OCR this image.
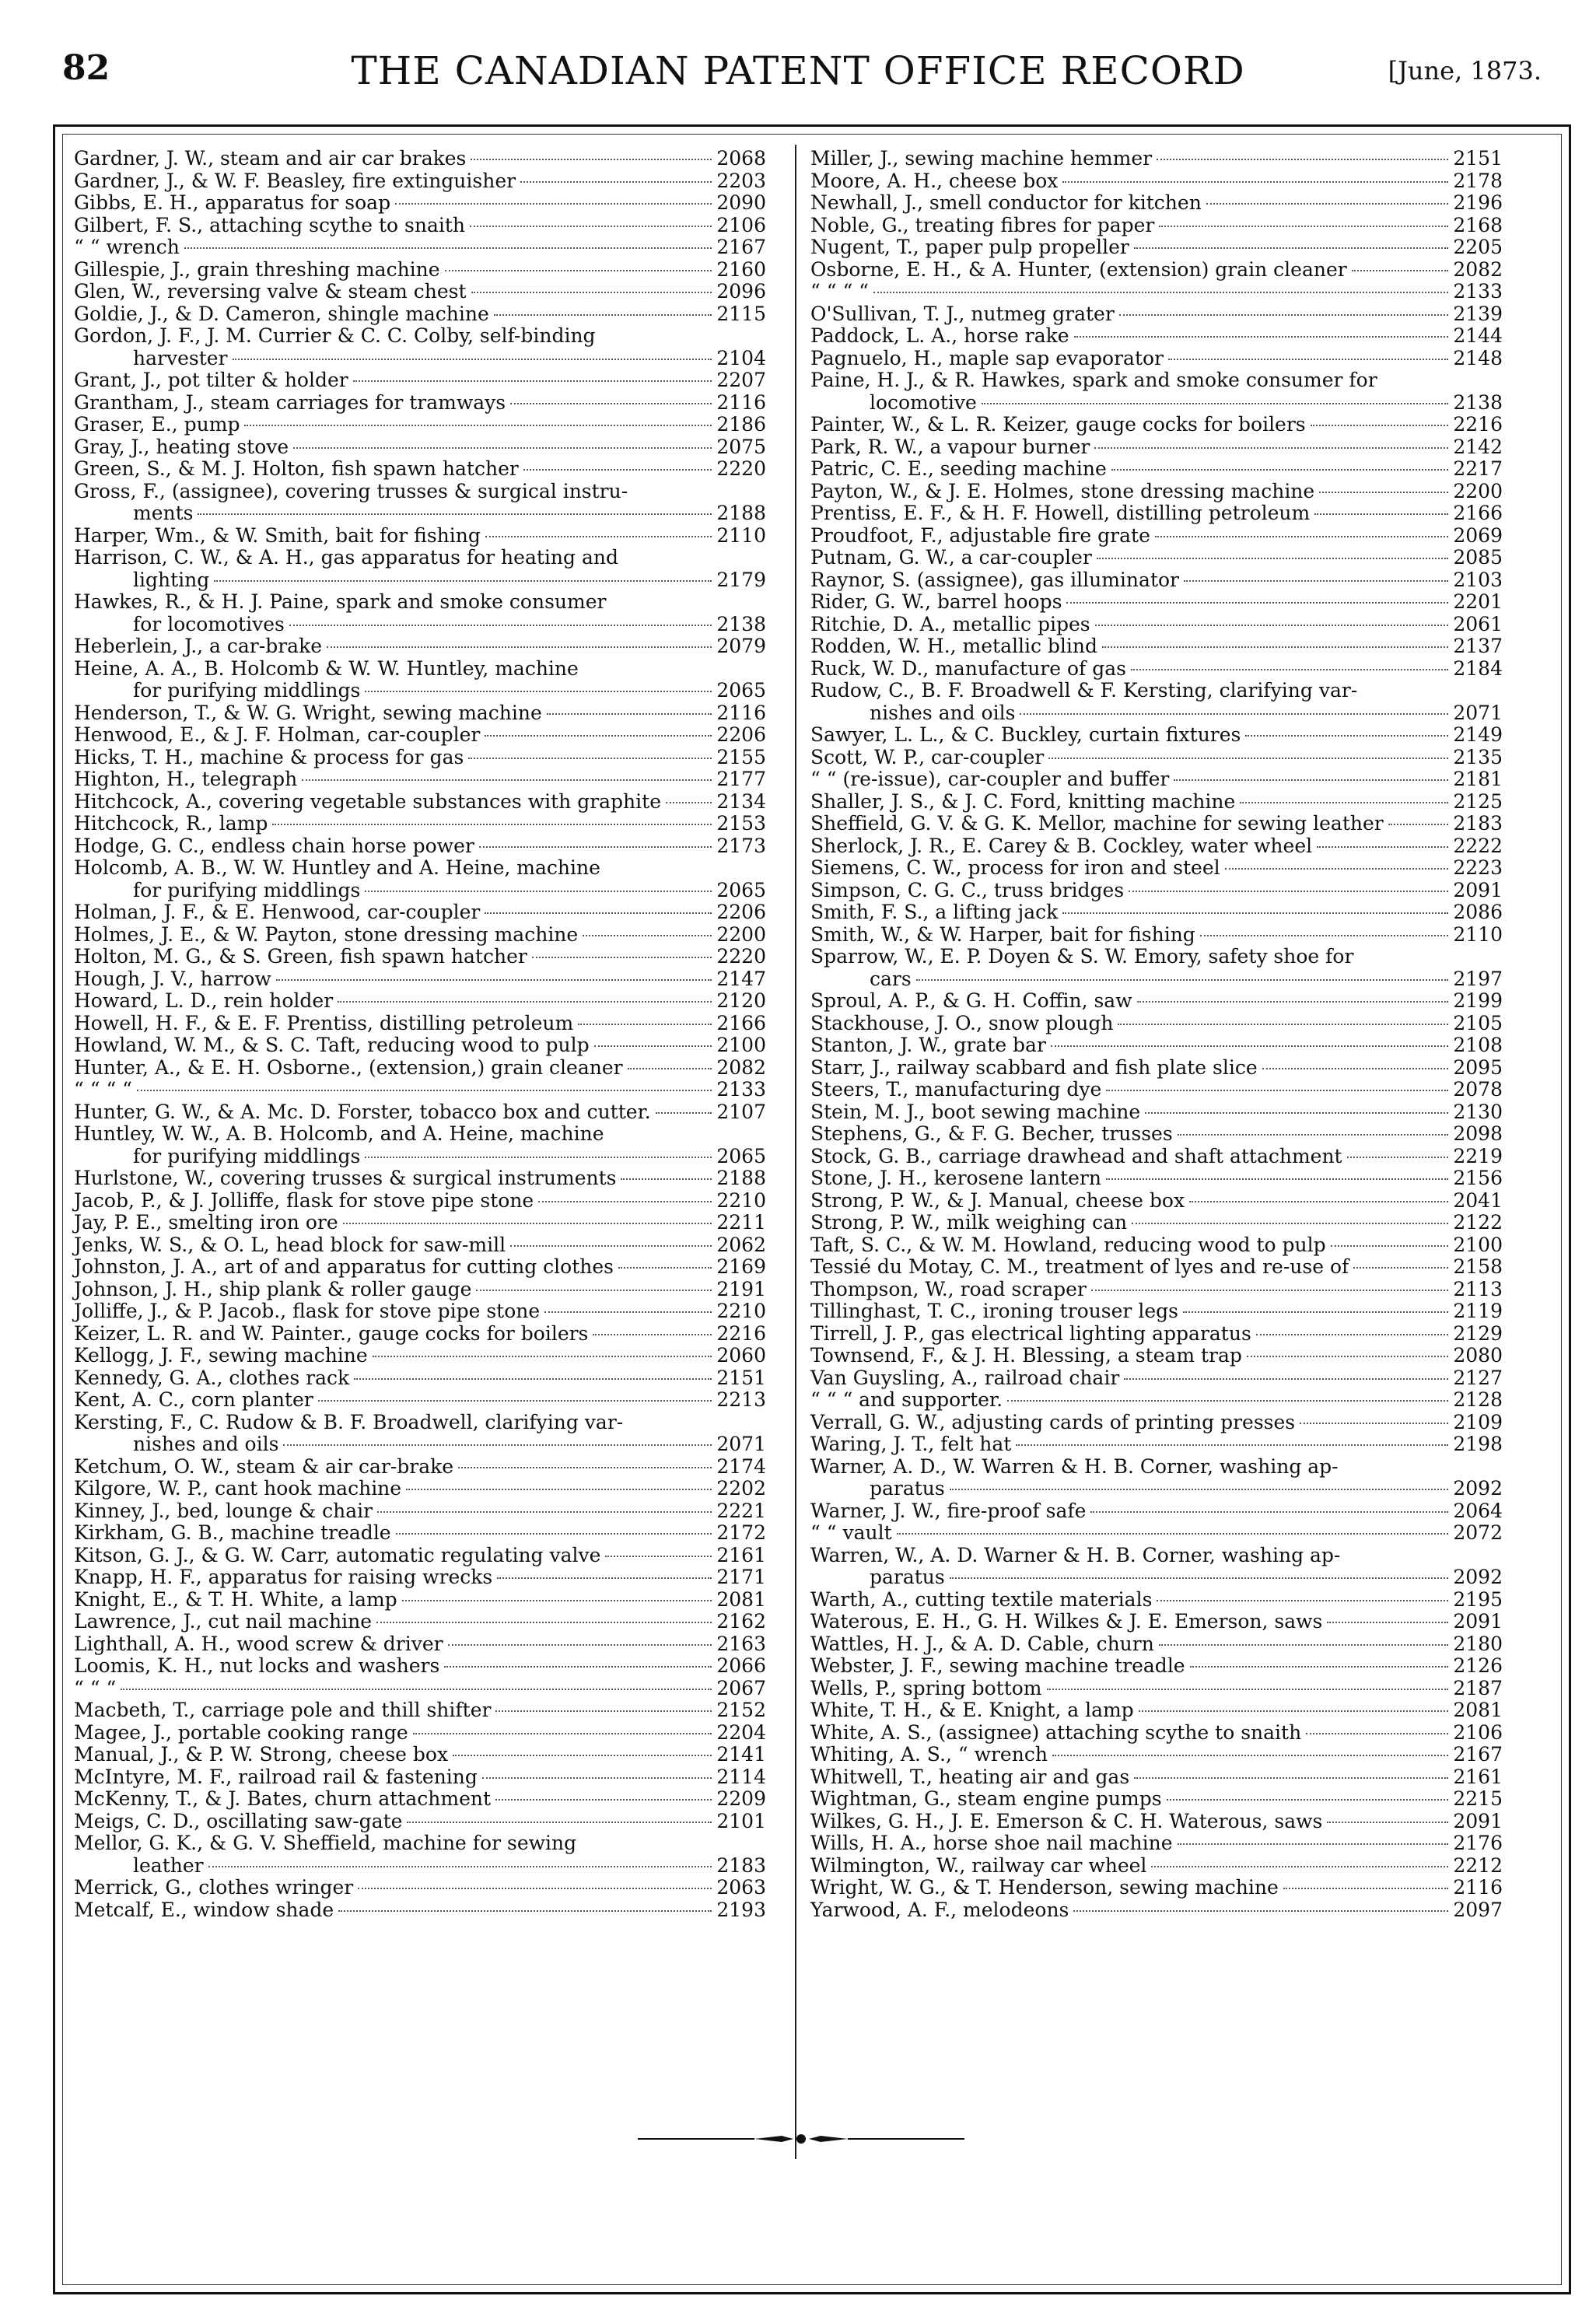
THE CANADIAN PATENT OFFICE RECORD
82	[June, 1873.
Gardner, J. W., steam and air car brakes	2068
Gardner, J., & W. F. Beasley, fire extinguisher	2203
Gibbs, E. H., apparatus for soap	2090
Gilbert, F. S., attaching scythe to snaith	2106
“ “ wrench	2167
Gillespie, J., grain threshing machine	2160
Glen, W., reversing valve & steam chest	2096
Goldie, J., & D. Cameron, shingle machine	2115
Gordon, J. F., J. M. Currier & C. C. Colby, self-binding
harvester	2104
Grant, J., pot tilter & holder	2207
Grantham, J., steam carriages for tramways	2116
Graser, E., pump	2186
Gray, J., heating stove	2075
Green, S., & M. J. Holton, fish spawn hatcher	2220
Gross, F., (assignee), covering trusses & surgical instru-
ments	2188
Harper, Wm., & W. Smith, bait for fishing	2110
Harrison, C. W., & A. H., gas apparatus for heating and
lighting	2179
Hawkes, R., & H. J. Paine, spark and smoke consumer
for locomotives	2138
Heberlein, J., a car-brake	2079
Heine, A. A., B. Holcomb & W. W. Huntley, machine
for purifying middlings	2065
Henderson, T., & W. G. Wright, sewing machine	2116
Henwood, E., & J. F. Holman, car-coupler	2206
Hicks, T. H., machine & process for gas	2155
Highton, H., telegraph	2177
Hitchcock, A., covering vegetable substances with graphite	2134
Hitchcock, R., lamp	2153
Hodge, G. C., endless chain horse power	2173
Holcomb, A. B., W. W. Huntley and A. Heine, machine
for purifying middlings	2065
Holman, J. F., & E. Henwood, car-coupler	2206
Holmes, J. E., & W. Payton, stone dressing machine	2200
Holton, M. G., & S. Green, fish spawn hatcher	2220
Hough, J. V., harrow	2147
Howard, L. D., rein holder	2120
Howell, H. F., & E. F. Prentiss, distilling petroleum	2166
Howland, W. M., & S. C. Taft, reducing wood to pulp	2100
Hunter, A., & E. H. Osborne., (extension,) grain cleaner	2082
“ “ “ “	2133
Hunter, G. W., & A. Mc. D. Forster, tobacco box and cutter.	2107
Huntley, W. W., A. B. Holcomb, and A. Heine, machine
for purifying middlings	2065
Hurlstone, W., covering trusses & surgical instruments	2188
Jacob, P., & J. Jolliffe, flask for stove pipe stone	2210
Jay, P. E., smelting iron ore	2211
Jenks, W. S., & O. L, head block for saw-mill	2062
Johnston, J. A., art of and apparatus for cutting clothes	2169
Johnson, J. H., ship plank & roller gauge	2191
Jolliffe, J., & P. Jacob., flask for stove pipe stone	2210
Keizer, L. R. and W. Painter., gauge cocks for boilers	2216
Kellogg, J. F., sewing machine	2060
Kennedy, G. A., clothes rack	2151
Kent, A. C., corn planter	2213
Kersting, F., C. Rudow & B. F. Broadwell, clarifying var-
nishes and oils	2071
Ketchum, O. W., steam & air car-brake	2174
Kilgore, W. P., cant hook machine	2202
Kinney, J., bed, lounge & chair	2221
Kirkham, G. B., machine treadle	2172
Kitson, G. J., & G. W. Carr, automatic regulating valve	2161
Knapp, H. F., apparatus for raising wrecks	2171
Knight, E., & T. H. White, a lamp	2081
Lawrence, J., cut nail machine	2162
Lighthall, A. H., wood screw & driver	2163
Loomis, K. H., nut locks and washers	2066
“ “ “	2067
Macbeth, T., carriage pole and thill shifter	2152
Magee, J., portable cooking range	2204
Manual, J., & P. W. Strong, cheese box	2141
McIntyre, M. F., railroad rail & fastening	2114
McKenny, T., & J. Bates, churn attachment	2209
Meigs, C. D., oscillating saw-gate	2101
Mellor, G. K., & G. V. Sheffield, machine for sewing
leather	2183
Merrick, G., clothes wringer	2063
Metcalf, E., window shade	2193
Miller, J., sewing machine hemmer	2151
Moore, A. H., cheese box	2178
Newhall, J., smell conductor for kitchen	2196
Noble, G., treating fibres for paper	2168
Nugent, T., paper pulp propeller	2205
Osborne, E. H., & A. Hunter, (extension) grain cleaner	2082
“ “ “ “	2133
O'Sullivan, T. J., nutmeg grater	2139
Paddock, L. A., horse rake	2144
Pagnuelo, H., maple sap evaporator	2148
Paine, H. J., & R. Hawkes, spark and smoke consumer for
locomotive	2138
Painter, W., & L. R. Keizer, gauge cocks for boilers	2216
Park, R. W., a vapour burner	2142
Patric, C. E., seeding machine	2217
Payton, W., & J. E. Holmes, stone dressing machine	2200
Prentiss, E. F., & H. F. Howell, distilling petroleum	2166
Proudfoot, F., adjustable fire grate	2069
Putnam, G. W., a car-coupler	2085
Raynor, S. (assignee), gas illuminator	2103
Rider, G. W., barrel hoops	2201
Ritchie, D. A., metallic pipes	2061
Rodden, W. H., metallic blind	2137
Ruck, W. D., manufacture of gas	2184
Rudow, C., B. F. Broadwell & F. Kersting, clarifying var-
nishes and oils	2071
Sawyer, L. L., & C. Buckley, curtain fixtures	2149
Scott, W. P., car-coupler	2135
“ “ (re-issue), car-coupler and buffer	2181
Shaller, J. S., & J. C. Ford, knitting machine	2125
Sheffield, G. V. & G. K. Mellor, machine for sewing leather	2183
Sherlock, J. R., E. Carey & B. Cockley, water wheel	2222
Siemens, C. W., process for iron and steel	2223
Simpson, C. G. C., truss bridges	2091
Smith, F. S., a lifting jack	2086
Smith, W., & W. Harper, bait for fishing	2110
Sparrow, W., E. P. Doyen & S. W. Emory, safety shoe for
cars	2197
Sproul, A. P., & G. H. Coffin, saw	2199
Stackhouse, J. O., snow plough	2105
Stanton, J. W., grate bar	2108
Starr, J., railway scabbard and fish plate slice	2095
Steers, T., manufacturing dye	2078
Stein, M. J., boot sewing machine	2130
Stephens, G., & F. G. Becher, trusses	2098
Stock, G. B., carriage drawhead and shaft attachment	2219
Stone, J. H., kerosene lantern	2156
Strong, P. W., & J. Manual, cheese box	2041
Strong, P. W., milk weighing can	2122
Taft, S. C., & W. M. Howland, reducing wood to pulp	2100
Tessié du Motay, C. M., treatment of lyes and re-use of	2158
Thompson, W., road scraper	2113
Tillinghast, T. C., ironing trouser legs	2119
Tirrell, J. P., gas electrical lighting apparatus	2129
Townsend, F., & J. H. Blessing, a steam trap	2080
Van Guysling, A., railroad chair	2127
“ “ “ and supporter.	2128
Verrall, G. W., adjusting cards of printing presses	2109
Waring, J. T., felt hat	2198
Warner, A. D., W. Warren & H. B. Corner, washing ap-
paratus	2092
Warner, J. W., fire-proof safe	2064
“ “ vault	2072
Warren, W., A. D. Warner & H. B. Corner, washing ap-
paratus	2092
Warth, A., cutting textile materials	2195
Waterous, E. H., G. H. Wilkes & J. E. Emerson, saws	2091
Wattles, H. J., & A. D. Cable, churn	2180
Webster, J. F., sewing machine treadle	2126
Wells, P., spring bottom	2187
White, T. H., & E. Knight, a lamp	2081
White, A. S., (assignee) attaching scythe to snaith	2106
Whiting, A. S., “ wrench	2167
Whitwell, T., heating air and gas	2161
Wightman, G., steam engine pumps	2215
Wilkes, G. H., J. E. Emerson & C. H. Waterous, saws	2091
Wills, H. A., horse shoe nail machine	2176
Wilmington, W., railway car wheel	2212
Wright, W. G., & T. Henderson, sewing machine	2116
Yarwood, A. F., melodeons	2097
